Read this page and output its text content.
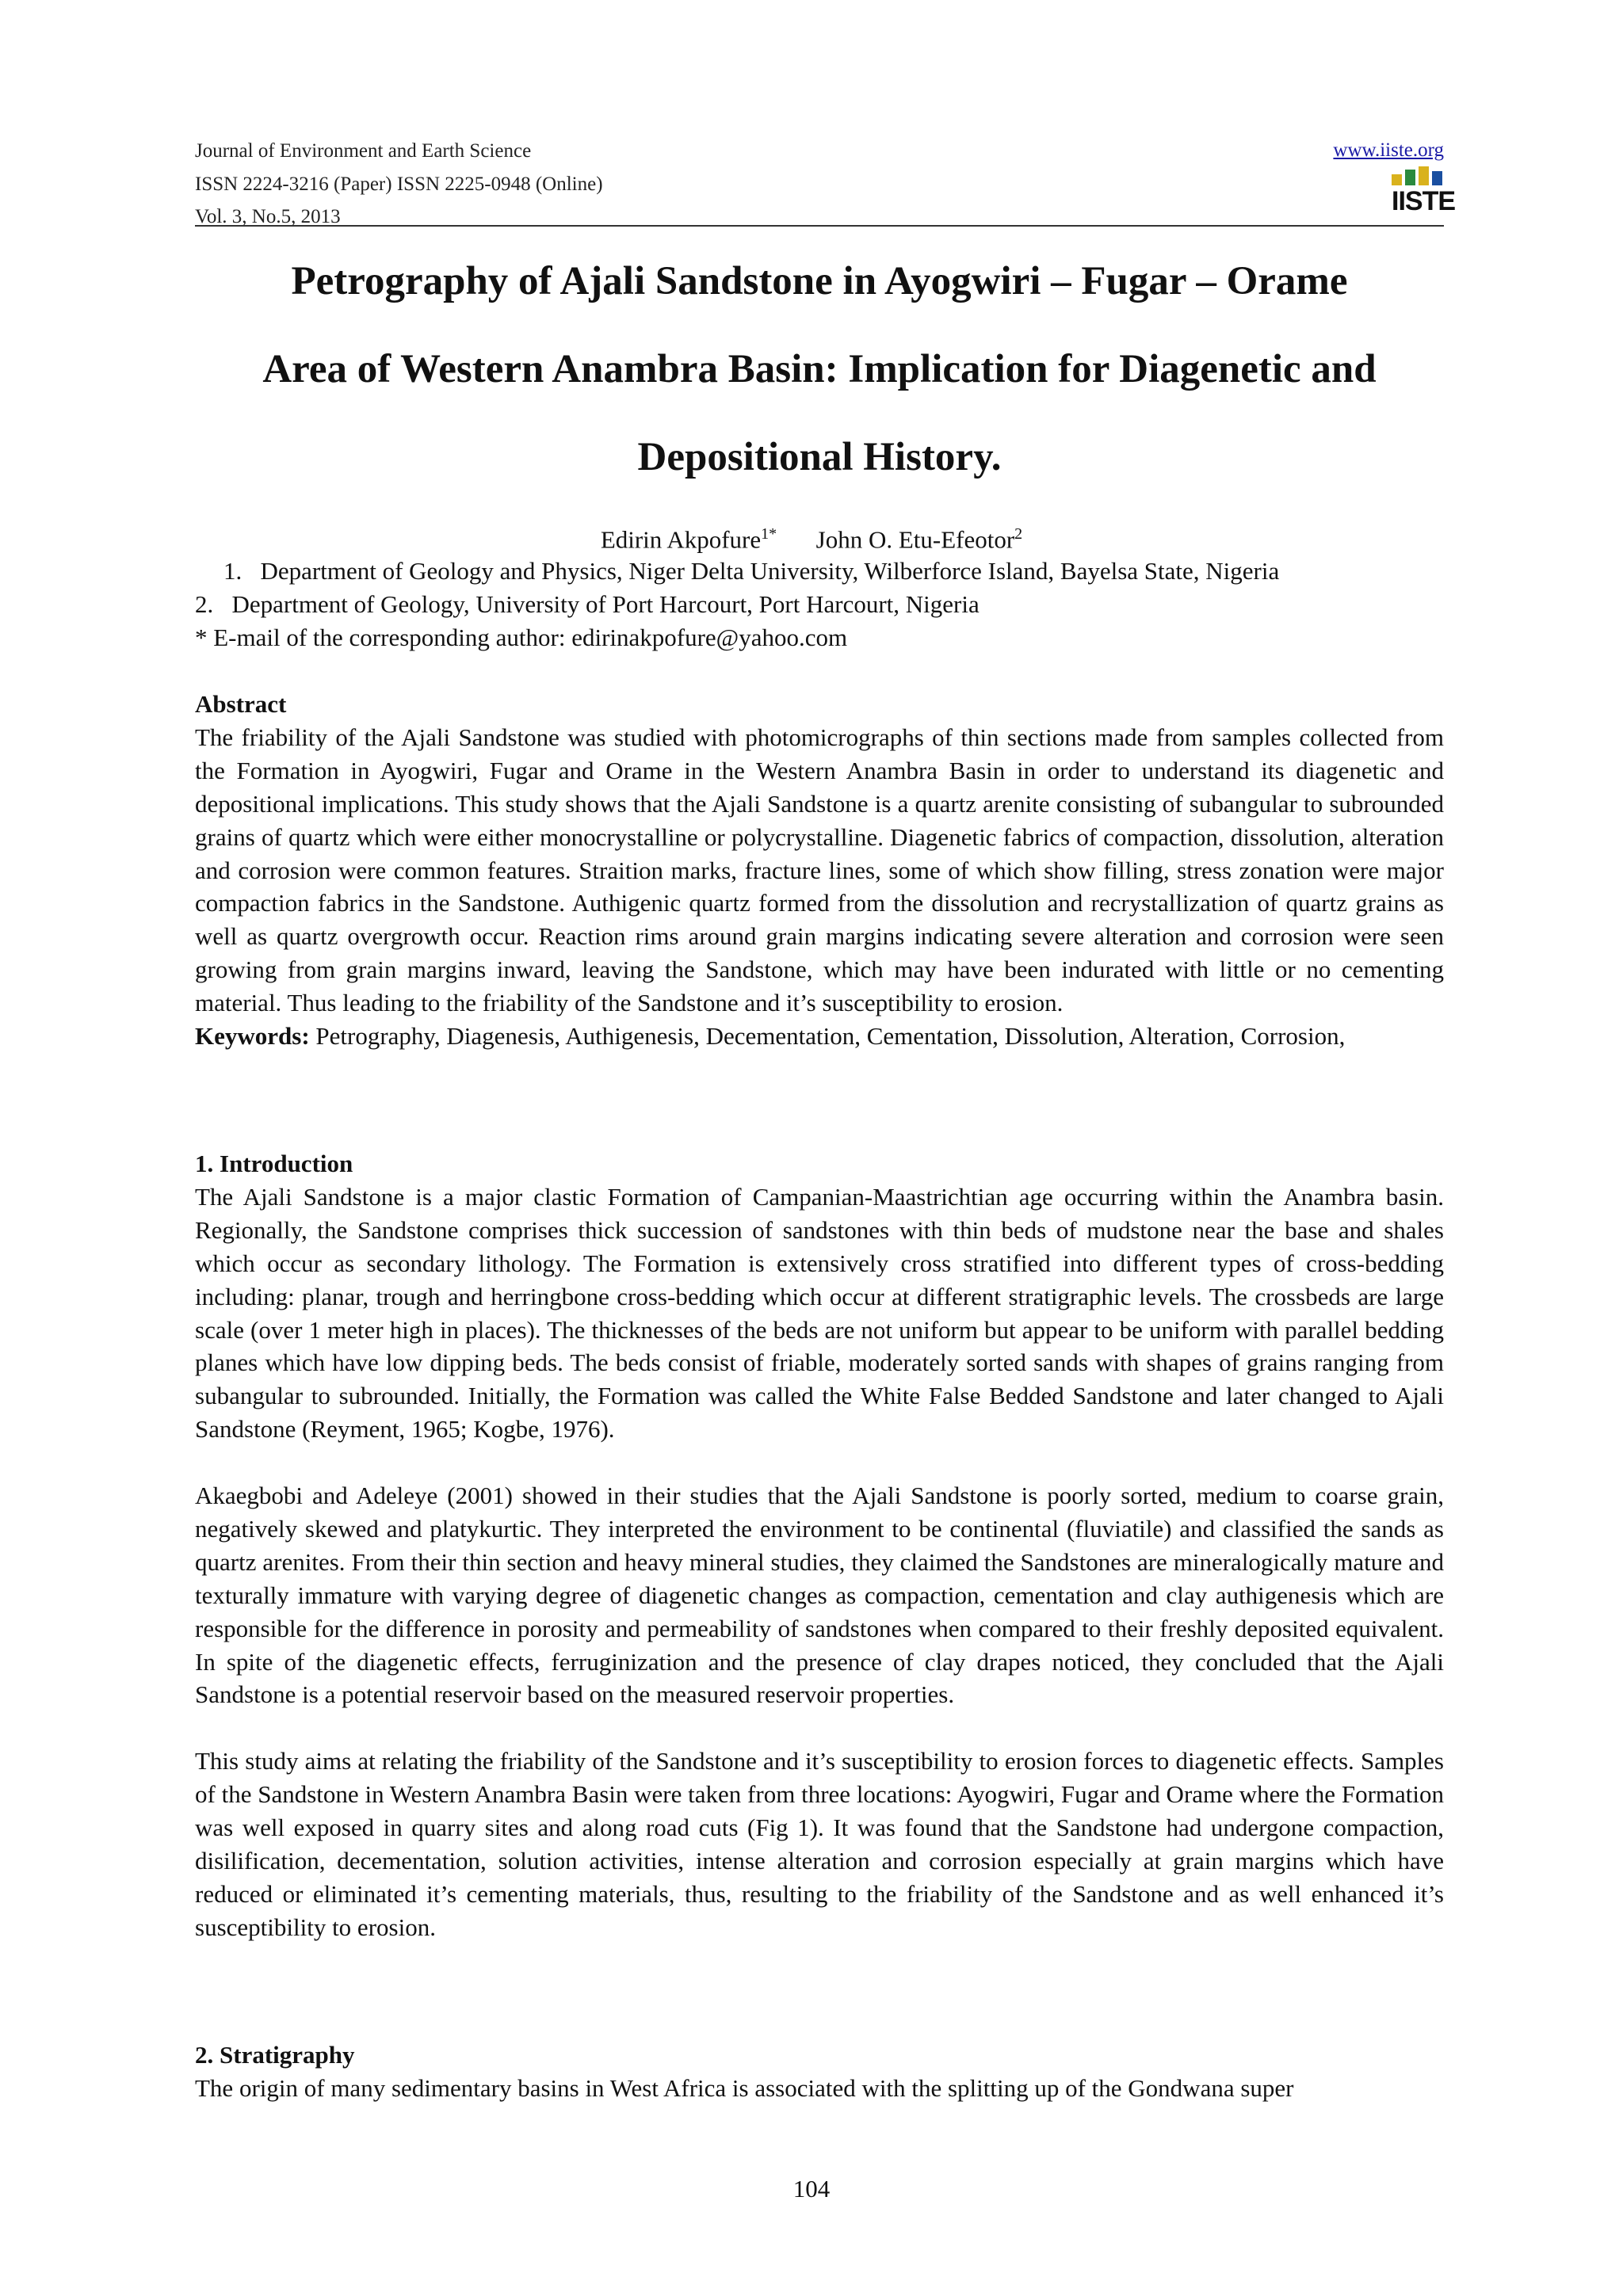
Journal of Environment and Earth Science
ISSN 2224-3216 (Paper) ISSN 2225-0948 (Online)
Vol. 3, No.5, 2013
www.iiste.org
IISTE
Petrography of Ajali Sandstone in Ayogwiri – Fugar – Orame
Area of Western Anambra Basin: Implication for Diagenetic and
Depositional History.
Edirin Akpofure$^{1*}$ John O. Etu-Efeotor$^2$
1.   Department of Geology and Physics, Niger Delta University, Wilberforce Island, Bayelsa State, Nigeria
2.   Department of Geology, University of Port Harcourt, Port Harcourt, Nigeria
* E-mail of the corresponding author: edirinakpofure@yahoo.com
Abstract
The friability of the Ajali Sandstone was studied with photomicrographs of thin sections made from samples collected from the Formation in Ayogwiri, Fugar and Orame in the Western Anambra Basin in order to understand its diagenetic and depositional implications. This study shows that the Ajali Sandstone is a quartz arenite consisting of subangular to subrounded grains of quartz which were either monocrystalline or polycrystalline. Diagenetic fabrics of compaction, dissolution, alteration and corrosion were common features. Straition marks, fracture lines, some of which show filling, stress zonation were major compaction fabrics in the Sandstone. Authigenic quartz formed from the dissolution and recrystallization of quartz grains as well as quartz overgrowth occur. Reaction rims around grain margins indicating severe alteration and corrosion were seen growing from grain margins inward, leaving the Sandstone, which may have been indurated with little or no cementing material. Thus leading to the friability of the Sandstone and it’s susceptibility to erosion.
Keywords: Petrography, Diagenesis, Authigenesis, Decementation, Cementation, Dissolution, Alteration, Corrosion,
1. Introduction
The Ajali Sandstone is a major clastic Formation of Campanian-Maastrichtian age occurring within the Anambra basin. Regionally, the Sandstone comprises thick succession of sandstones with thin beds of mudstone near the base and shales which occur as secondary lithology. The Formation is extensively cross stratified into different types of cross-bedding including: planar, trough and herringbone cross-bedding which occur at different stratigraphic levels. The crossbeds are large scale (over 1 meter high in places). The thicknesses of the beds are not uniform but appear to be uniform with parallel bedding planes which have low dipping beds. The beds consist of friable, moderately sorted sands with shapes of grains ranging from subangular to subrounded. Initially, the Formation was called the White False Bedded Sandstone and later changed to Ajali Sandstone (Reyment, 1965; Kogbe, 1976).
Akaegbobi and Adeleye (2001) showed in their studies that the Ajali Sandstone is poorly sorted, medium to coarse grain, negatively skewed and platykurtic. They interpreted the environment to be continental (fluviatile) and classified the sands as quartz arenites. From their thin section and heavy mineral studies, they claimed the Sandstones are mineralogically mature and texturally immature with varying degree of diagenetic changes as compaction, cementation and clay authigenesis which are responsible for the difference in porosity and permeability of sandstones when compared to their freshly deposited equivalent. In spite of the diagenetic effects, ferruginization and the presence of clay drapes noticed, they concluded that the Ajali Sandstone is a potential reservoir based on the measured reservoir properties.
This study aims at relating the friability of the Sandstone and it’s susceptibility to erosion forces to diagenetic effects. Samples of the Sandstone in Western Anambra Basin were taken from three locations: Ayogwiri, Fugar and Orame where the Formation was well exposed in quarry sites and along road cuts (Fig 1). It was found that the Sandstone had undergone compaction, disilification, decementation, solution activities, intense alteration and corrosion especially at grain margins which have reduced or eliminated it’s cementing materials, thus, resulting to the friability of the Sandstone and as well enhanced it’s susceptibility to erosion.
2. Stratigraphy
The origin of many sedimentary basins in West Africa is associated with the splitting up of the Gondwana super
104
